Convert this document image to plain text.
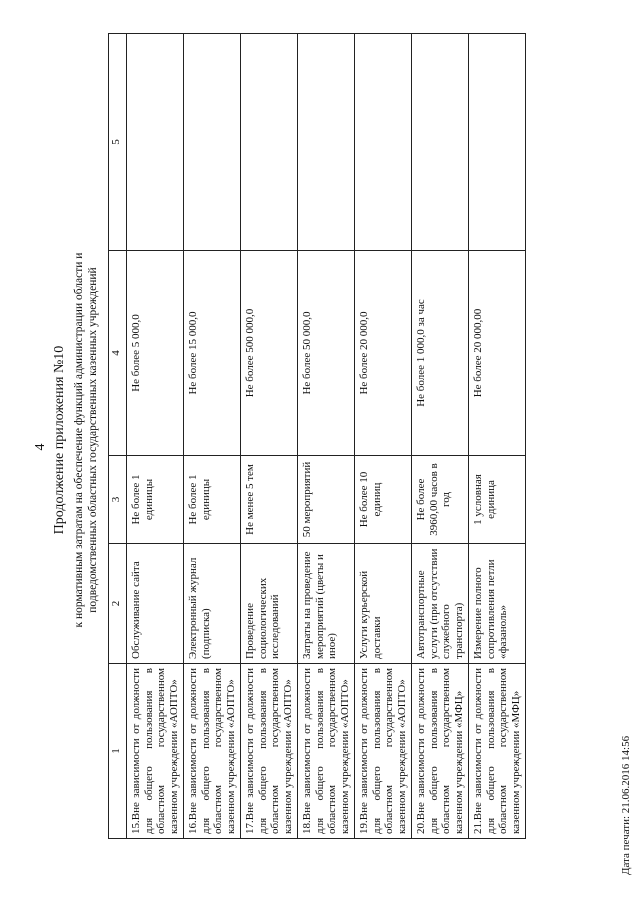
4 Продолжение приложения №10 к нормативным затратам на обеспечение функций администрации области и подведомственных областных государственных казенных учреждений
1	2	3	4	5
15.Вне зависимости от должности для общего пользования в областном государственном казенном учреждении «АОПТО»	Обслуживание сайта	Не более 1 единицы	Не более 5 000,0	
16.Вне зависимости от должности для общего пользования в областном государственном казенном учреждении «АОПТО»	Электронный журнал (подписка)	Не более 1 единицы	Не более 15 000,0	
17.Вне зависимости от должности для общего пользования в областном государственном казенном учреждении «АОПТО»	Проведение социологических исследований	Не менее 5 тем	Не более 500 000,0	
18.Вне зависимости от должности для общего пользования в областном государственном казенном учреждении «АОПТО»	Затраты на проведение мероприятий (цветы и иное)	50 мероприятий	Не более 50 000,0	
19.Вне зависимости от должности для общего пользования в областном государственном казенном учреждении «АОПТО»	Услуги курьерской доставки	Не более 10 единиц	Не более 20 000,0	
20.Вне зависимости от должности для общего пользования в областном государственном казенном учреждении «МФЦ»	Автотранспортные услуги (при отсутствии служебного транспорта)	Не более 3960,00 часов в год	Не более 1 000,0 за час	
21.Вне зависимости от должности для общего пользования в областном государственном казенном учреждении «МФЦ»	Измерение полного сопротивления петли «фазаноль»	1 условная единица	Не более 20 000,00	
Дата печати: 21.06.2016 14:56
